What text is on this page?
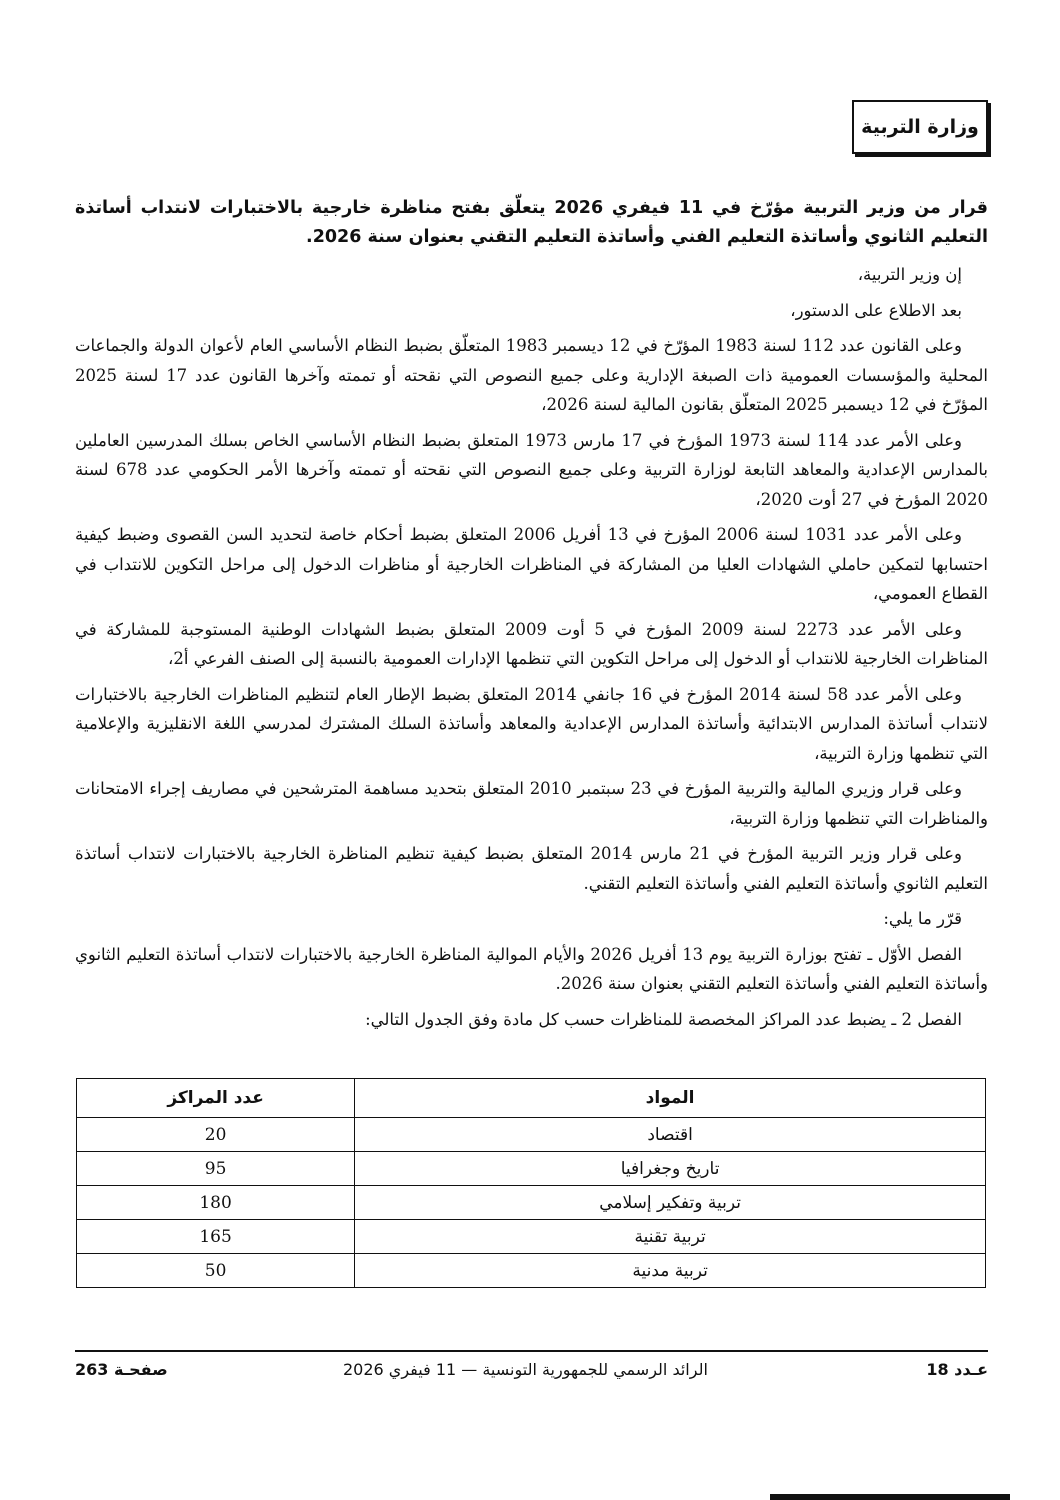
وزارة التربية

قرار من وزير التربية مؤرّخ في 11 فيفري 2026 يتعلّق بفتح مناظرة خارجية بالاختبارات لانتداب أساتذة التعليم الثانوي وأساتذة التعليم الفني وأساتذة التعليم التقني بعنوان سنة 2026.

إن وزير التربية،

بعد الاطلاع على الدستور،

وعلى القانون عدد 112 لسنة 1983 المؤرّخ في 12 ديسمبر 1983 المتعلّق بضبط النظام الأساسي العام لأعوان الدولة والجماعات المحلية والمؤسسات العمومية ذات الصبغة الإدارية وعلى جميع النصوص التي نقحته أو تممته وآخرها القانون عدد 17 لسنة 2025 المؤرّخ في 12 ديسمبر 2025 المتعلّق بقانون المالية لسنة 2026،

وعلى الأمر عدد 114 لسنة 1973 المؤرخ في 17 مارس 1973 المتعلق بضبط النظام الأساسي الخاص بسلك المدرسين العاملين بالمدارس الإعدادية والمعاهد التابعة لوزارة التربية وعلى جميع النصوص التي نقحته أو تممته وآخرها الأمر الحكومي عدد 678 لسنة 2020 المؤرخ في 27 أوت 2020،

وعلى الأمر عدد 1031 لسنة 2006 المؤرخ في 13 أفريل 2006 المتعلق بضبط أحكام خاصة لتحديد السن القصوى وضبط كيفية احتسابها لتمكين حاملي الشهادات العليا من المشاركة في المناظرات الخارجية أو مناظرات الدخول إلى مراحل التكوين للانتداب في القطاع العمومي،

وعلى الأمر عدد 2273 لسنة 2009 المؤرخ في 5 أوت 2009 المتعلق بضبط الشهادات الوطنية المستوجبة للمشاركة في المناظرات الخارجية للانتداب أو الدخول إلى مراحل التكوين التي تنظمها الإدارات العمومية بالنسبة إلى الصنف الفرعي أ2،

وعلى الأمر عدد 58 لسنة 2014 المؤرخ في 16 جانفي 2014 المتعلق بضبط الإطار العام لتنظيم المناظرات الخارجية بالاختبارات لانتداب أساتذة المدارس الابتدائية وأساتذة المدارس الإعدادية والمعاهد وأساتذة السلك المشترك لمدرسي اللغة الانقليزية والإعلامية التي تنظمها وزارة التربية،

وعلى قرار وزيري المالية والتربية المؤرخ في 23 سبتمبر 2010 المتعلق بتحديد مساهمة المترشحين في مصاريف إجراء الامتحانات والمناظرات التي تنظمها وزارة التربية،

وعلى قرار وزير التربية المؤرخ في 21 مارس 2014 المتعلق بضبط كيفية تنظيم المناظرة الخارجية بالاختبارات لانتداب أساتذة التعليم الثانوي وأساتذة التعليم الفني وأساتذة التعليم التقني.

قرّر ما يلي:

الفصل الأوّل ـ تفتح بوزارة التربية يوم 13 أفريل 2026 والأيام الموالية المناظرة الخارجية بالاختبارات لانتداب أساتذة التعليم الثانوي وأساتذة التعليم الفني وأساتذة التعليم التقني بعنوان سنة 2026.

الفصل 2 ـ يضبط عدد المراكز المخصصة للمناظرات حسب كل مادة وفق الجدول التالي:

المواد	عدد المراكز
اقتصاد	20
تاريخ وجغرافيا	95
تربية وتفكير إسلامي	180
تربية تقنية	165
تربية مدنية	50
عـدد 18
الرائد الرسمي للجمهورية التونسية — 11 فيفري 2026
صفحـة 263
